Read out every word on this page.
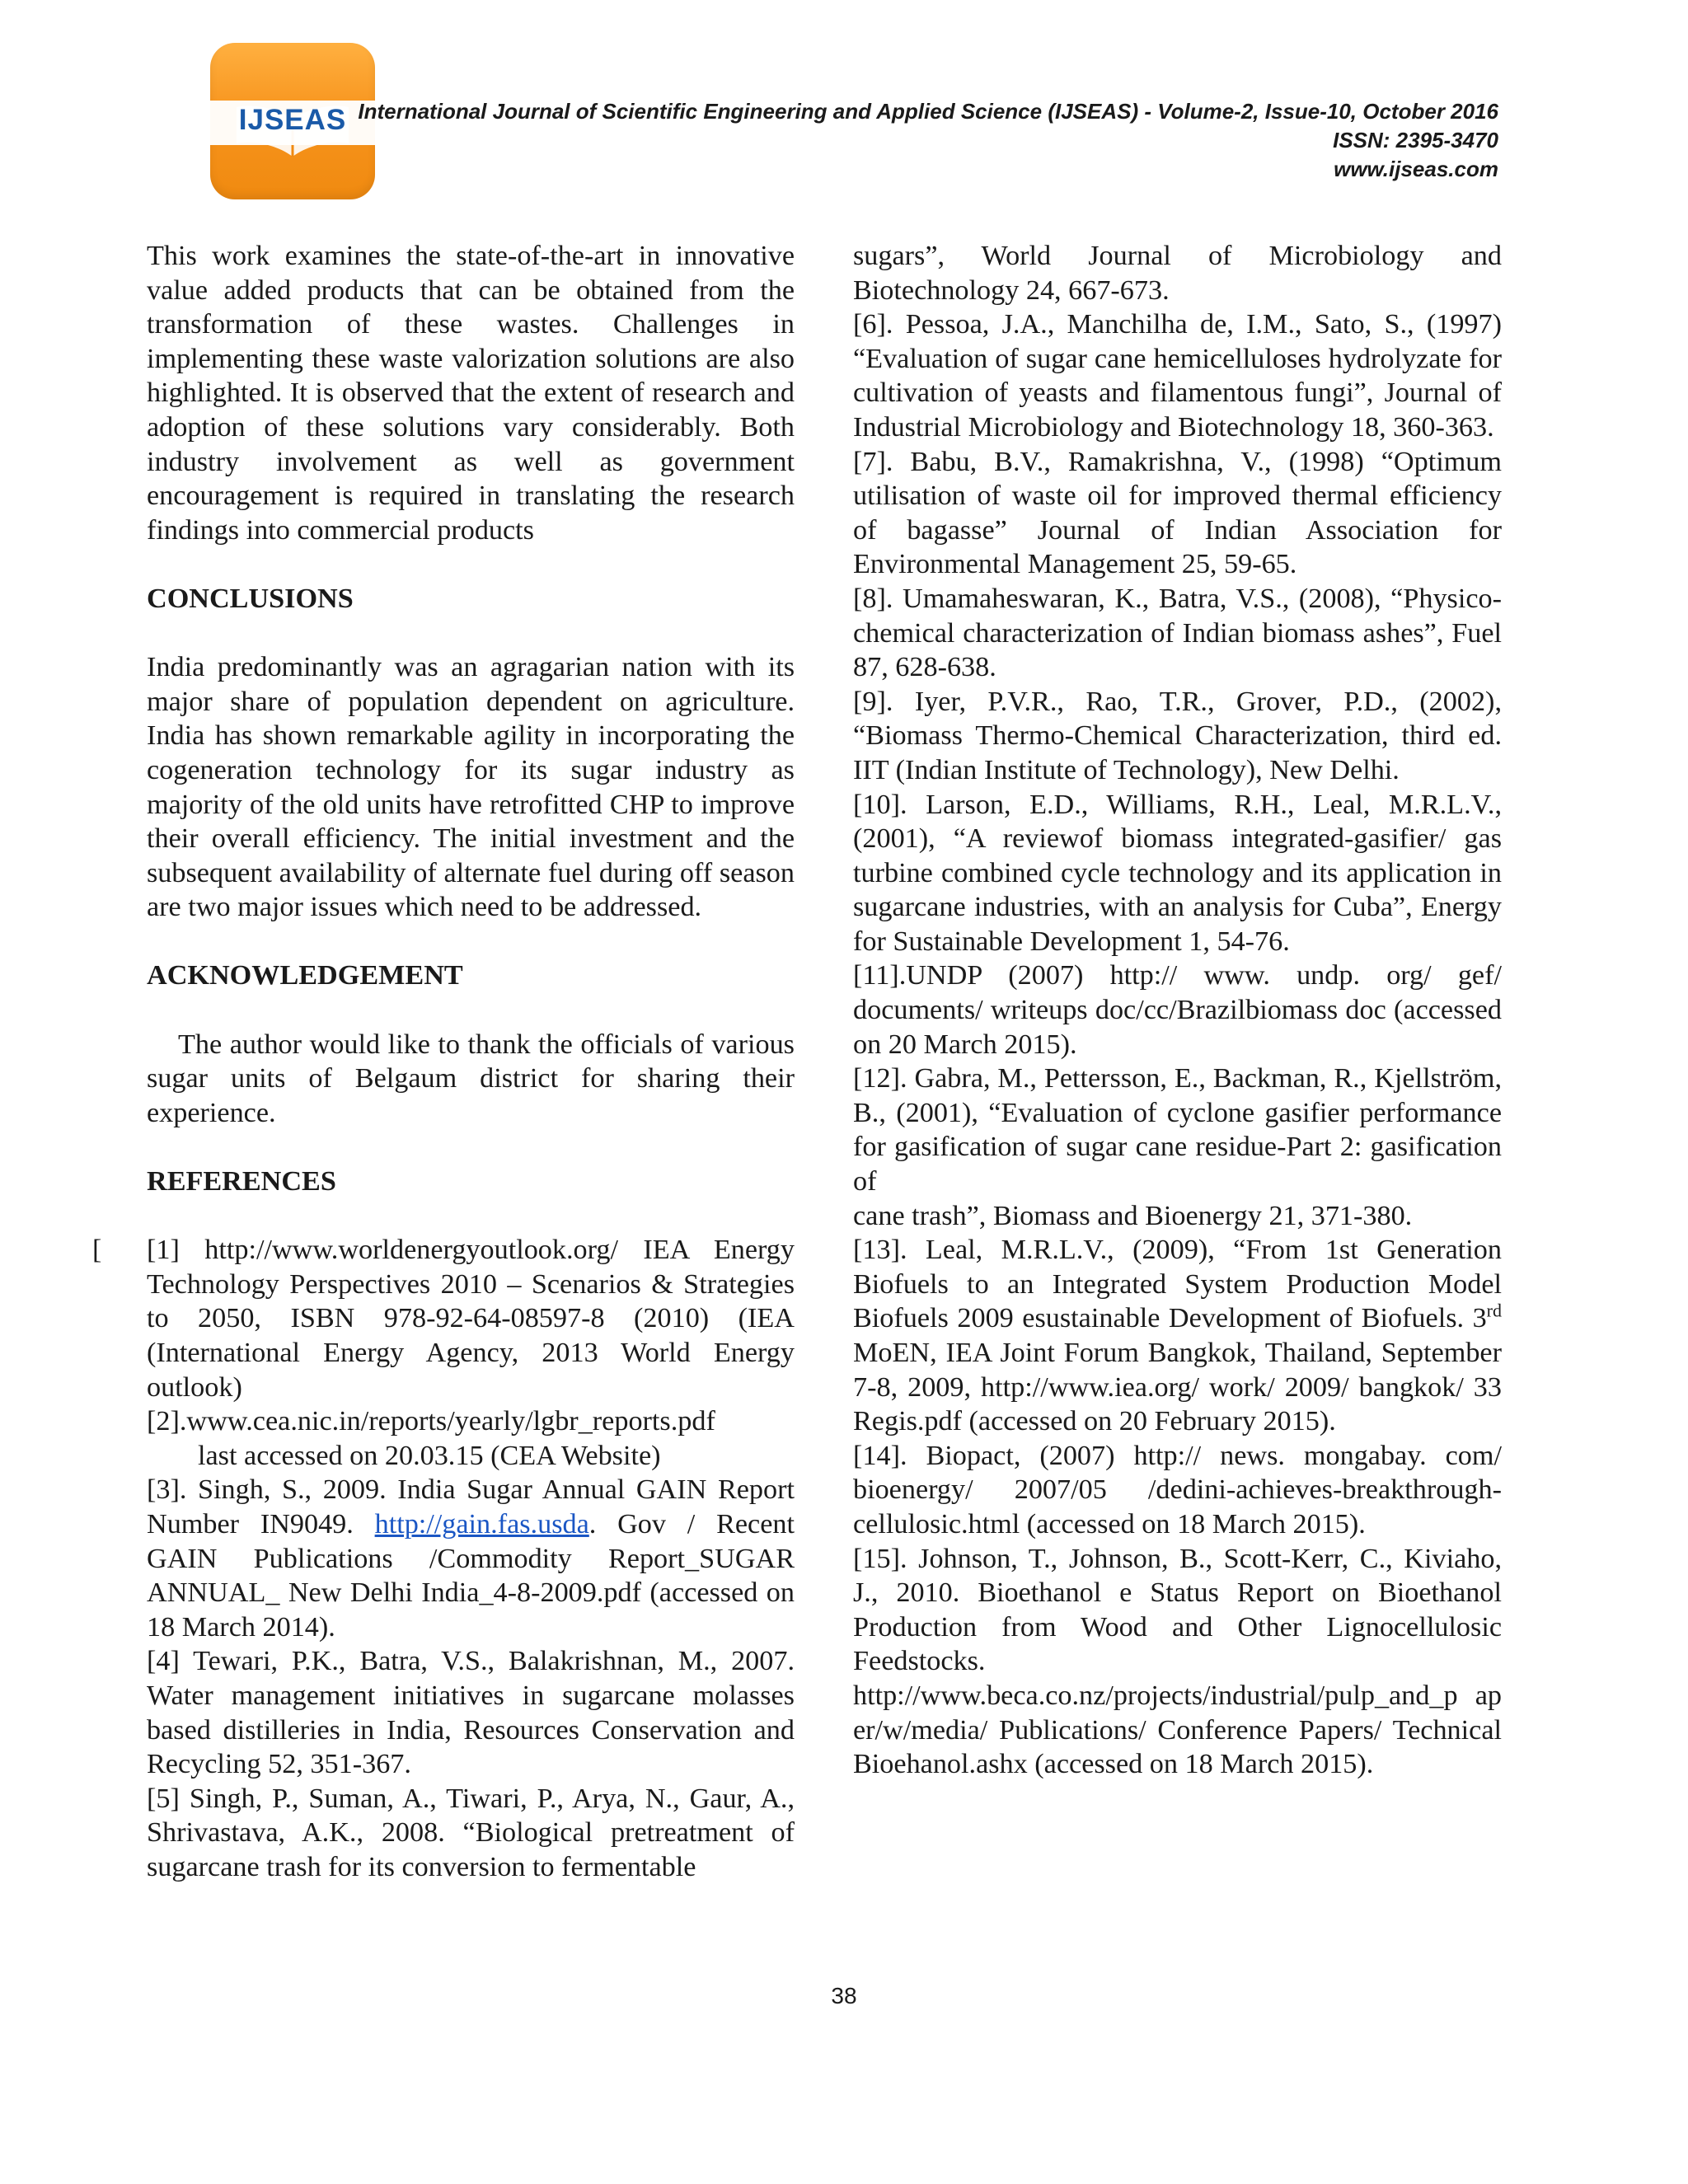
IJSEAS International Journal of Scientific Engineering and Applied Science (IJSEAS) - Volume-2, Issue-10, October 2016
ISSN: 2395-3470
www.ijseas.com

This work examines the state-of-the-art in innovative value added products that can be obtained from the transformation of these wastes. Challenges in implementing these waste valorization solutions are also highlighted. It is observed that the extent of research and adoption of these solutions vary considerably. Both industry involvement as well as government encouragement is required in translating the research findings into commercial products

CONCLUSIONS

India predominantly was an agragarian nation with its major share of population dependent on agriculture. India has shown remarkable agility in incorporating the cogeneration technology for its sugar industry as majority of the old units have retrofitted CHP to improve their overall efficiency. The initial investment and the subsequent availability of alternate fuel during off season are two major issues which need to be addressed.

ACKNOWLEDGEMENT

The author would like to thank the officials of various sugar units of Belgaum district for sharing their experience.

REFERENCES

[ [1] http://www.worldenergyoutlook.org/ IEA Energy Technology Perspectives 2010 – Scenarios & Strategies to 2050, ISBN 978-92-64-08597-8 (2010) (IEA (International Energy Agency, 2013 World Energy outlook)

[2].www.cea.nic.in/reports/yearly/lgbr_reports.pdf

last accessed on 20.03.15 (CEA Website)

[3]. Singh, S., 2009. India Sugar Annual GAIN Report Number IN9049. http://gain.fas.usda. Gov / Recent GAIN Publications /Commodity Report_SUGAR ANNUAL_ New Delhi India_4-8-2009.pdf (accessed on 18 March 2014).

[4] Tewari, P.K., Batra, V.S., Balakrishnan, M., 2007. Water management initiatives in sugarcane molasses based distilleries in India, Resources Conservation and Recycling 52, 351-367.

[5] Singh, P., Suman, A., Tiwari, P., Arya, N., Gaur, A., Shrivastava, A.K., 2008. “Biological pretreatment of sugarcane trash for its conversion to fermentable

sugars”, World Journal of Microbiology and Biotechnology 24, 667-673.

[6]. Pessoa, J.A., Manchilha de, I.M., Sato, S., (1997) “Evaluation of sugar cane hemicelluloses hydrolyzate for cultivation of yeasts and filamentous fungi”, Journal of Industrial Microbiology and Biotechnology 18, 360-363.

[7]. Babu, B.V., Ramakrishna, V., (1998) “Optimum utilisation of waste oil for improved thermal efficiency of bagasse” Journal of Indian Association for Environmental Management 25, 59-65.

[8]. Umamaheswaran, K., Batra, V.S., (2008), “Physico-chemical characterization of Indian biomass ashes”, Fuel 87, 628-638.

[9]. Iyer, P.V.R., Rao, T.R., Grover, P.D., (2002), “Biomass Thermo-Chemical Characterization, third ed. IIT (Indian Institute of Technology), New Delhi.

[10]. Larson, E.D., Williams, R.H., Leal, M.R.L.V., (2001), “A reviewof biomass integrated-gasifier/ gas turbine combined cycle technology and its application in sugarcane industries, with an analysis for Cuba”, Energy for Sustainable Development 1, 54-76.

[11].UNDP (2007) http:// www. undp. org/ gef/ documents/ writeups doc/cc/Brazilbiomass doc (accessed on 20 March 2015).

[12]. Gabra, M., Pettersson, E., Backman, R., Kjellström, B., (2001), “Evaluation of cyclone gasifier performance for gasification of sugar cane residue-Part 2: gasification of

cane trash”, Biomass and Bioenergy 21, 371-380.

[13]. Leal, M.R.L.V., (2009), “From 1st Generation Biofuels to an Integrated System Production Model Biofuels 2009 esustainable Development of Biofuels. 3rd MoEN, IEA Joint Forum Bangkok, Thailand, September 7-8, 2009, http://www.iea.org/ work/ 2009/ bangkok/ 33 Regis.pdf (accessed on 20 February 2015).

[14]. Biopact, (2007) http:// news. mongabay. com/ bioenergy/ 2007/05 /dedini-achieves-breakthrough-cellulosic.html (accessed on 18 March 2015).

[15]. Johnson, T., Johnson, B., Scott-Kerr, C., Kiviaho, J., 2010. Bioethanol e Status Report on Bioethanol Production from Wood and Other Lignocellulosic Feedstocks.

http://www.beca.co.nz/projects/industrial/pulp_and_p aper/w/media/ Publications/ Conference Papers/ Technical Bioehanol.ashx (accessed on 18 March 2015).

38
